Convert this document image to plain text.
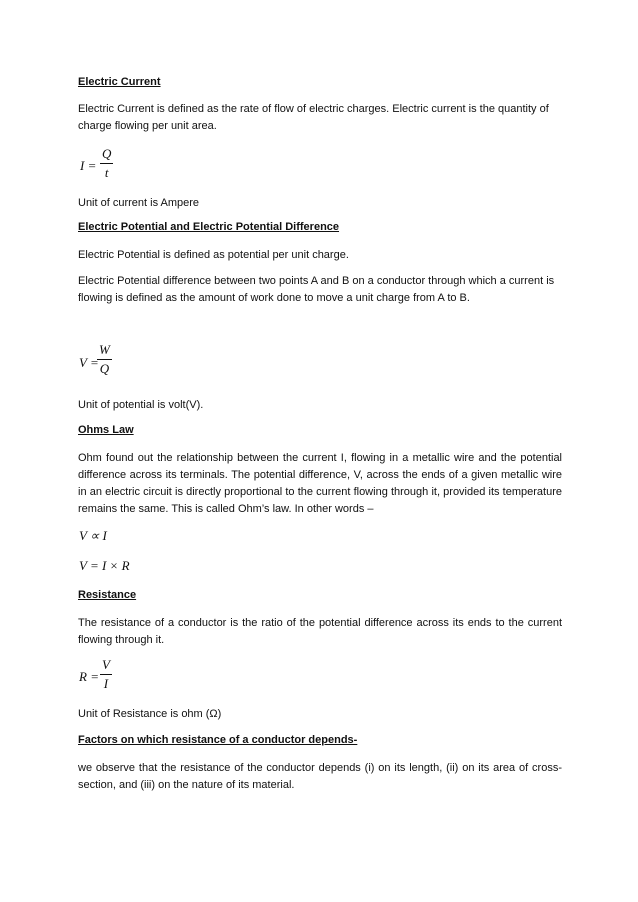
Electric Current
Electric Current is defined as the rate of flow of electric charges. Electric current is the quantity of charge flowing per unit area.
$I = \frac{Q}{t}$
Unit of current is Ampere
Electric Potential and Electric Potential Difference
Electric Potential is defined as potential per unit charge.
Electric Potential difference between two points A and B on a conductor through which a current is flowing is defined as the amount of work done to move a unit charge from A to B.
V =
$\frac{W}{Q}$
Unit of potential is volt(V).
Ohms Law
Ohm found out the relationship between the current I, flowing in a metallic wire and the potential difference across its terminals. The potential difference, V, across the ends of a given metallic wire in an electric circuit is directly proportional to the current flowing through it, provided its temperature remains the same. This is called Ohm’s law. In other words –
V ∝ I
V = I × R
Resistance
The resistance of a conductor is the ratio of the potential difference across its ends to the current flowing through it.
$R = \frac{V}{I}$
Unit of Resistance is ohm (Ω)
Factors on which resistance of a conductor depends-
we observe that the resistance of the conductor depends (i) on its length, (ii) on its area of cross-section, and (iii) on the nature of its material.
